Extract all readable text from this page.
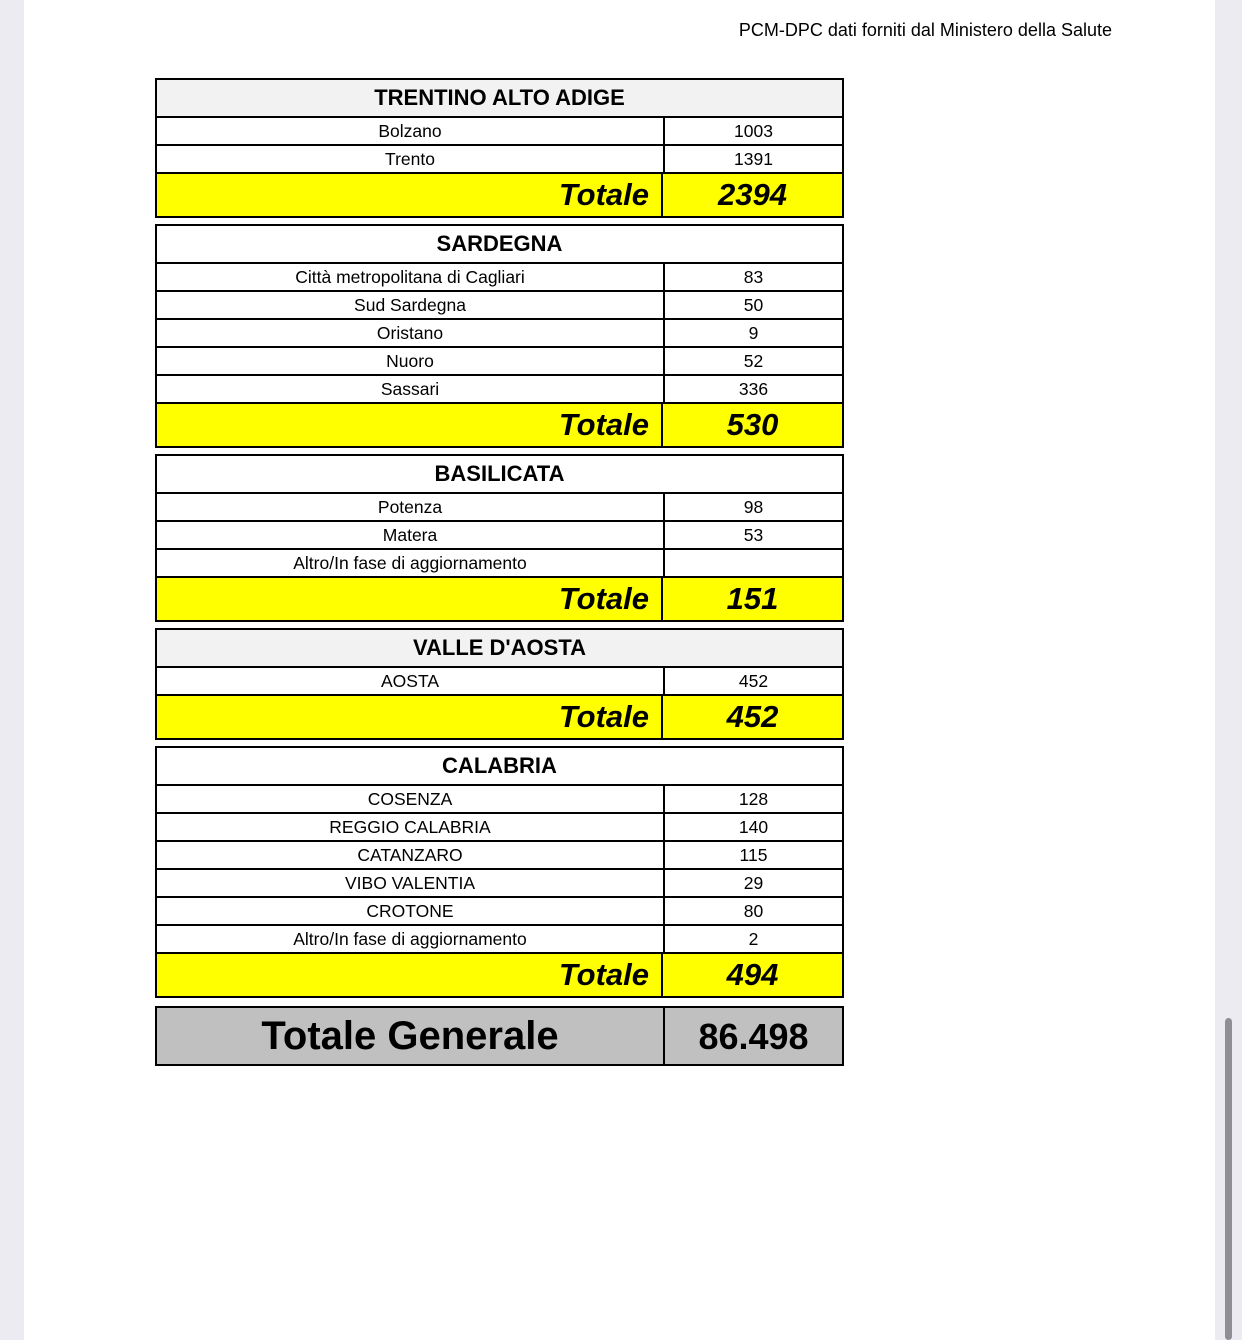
PCM-DPC dati forniti dal Ministero della Salute
TRENTINO ALTO ADIGE
Bolzano	1003
Trento	1391
Totale	2394
SARDEGNA
Città metropolitana di Cagliari	83
Sud Sardegna	50
Oristano	9
Nuoro	52
Sassari	336
Totale	530
BASILICATA
Potenza	98
Matera	53
Altro/In fase di aggiornamento
Totale	151
VALLE D'AOSTA
AOSTA	452
Totale	452
CALABRIA
COSENZA	128
REGGIO CALABRIA	140
CATANZARO	115
VIBO VALENTIA	29
CROTONE	80
Altro/In fase di aggiornamento	2
Totale	494
Totale Generale	86.498
